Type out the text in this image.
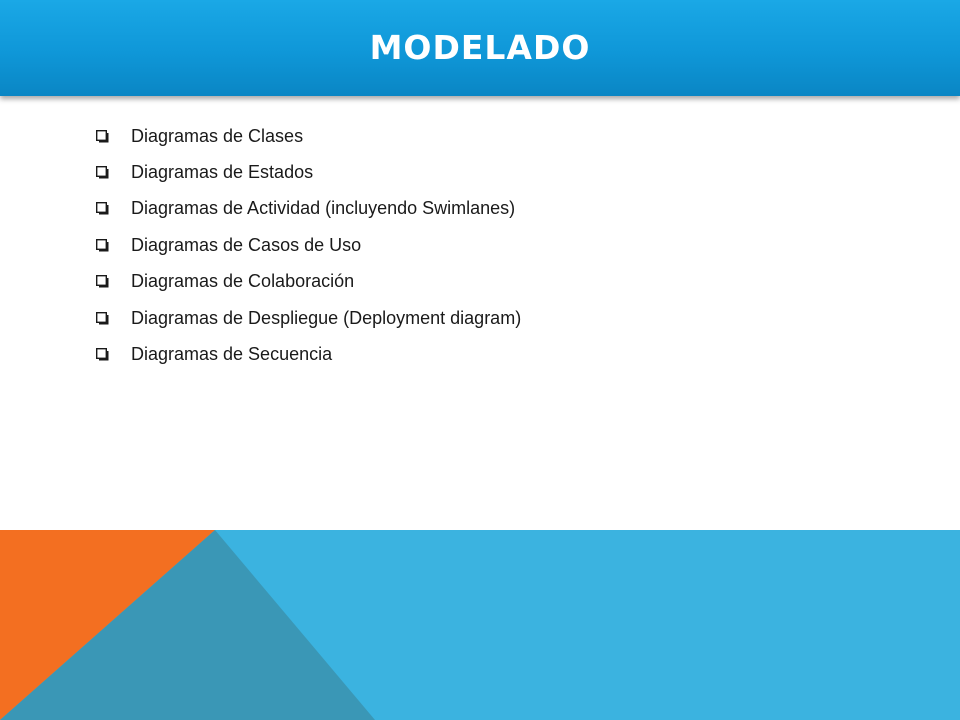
MODELADO
Diagramas de Clases
Diagramas de Estados
Diagramas de Actividad (incluyendo Swimlanes)
Diagramas de Casos de Uso
Diagramas de Colaboración
Diagramas de Despliegue (Deployment diagram)
Diagramas de Secuencia
